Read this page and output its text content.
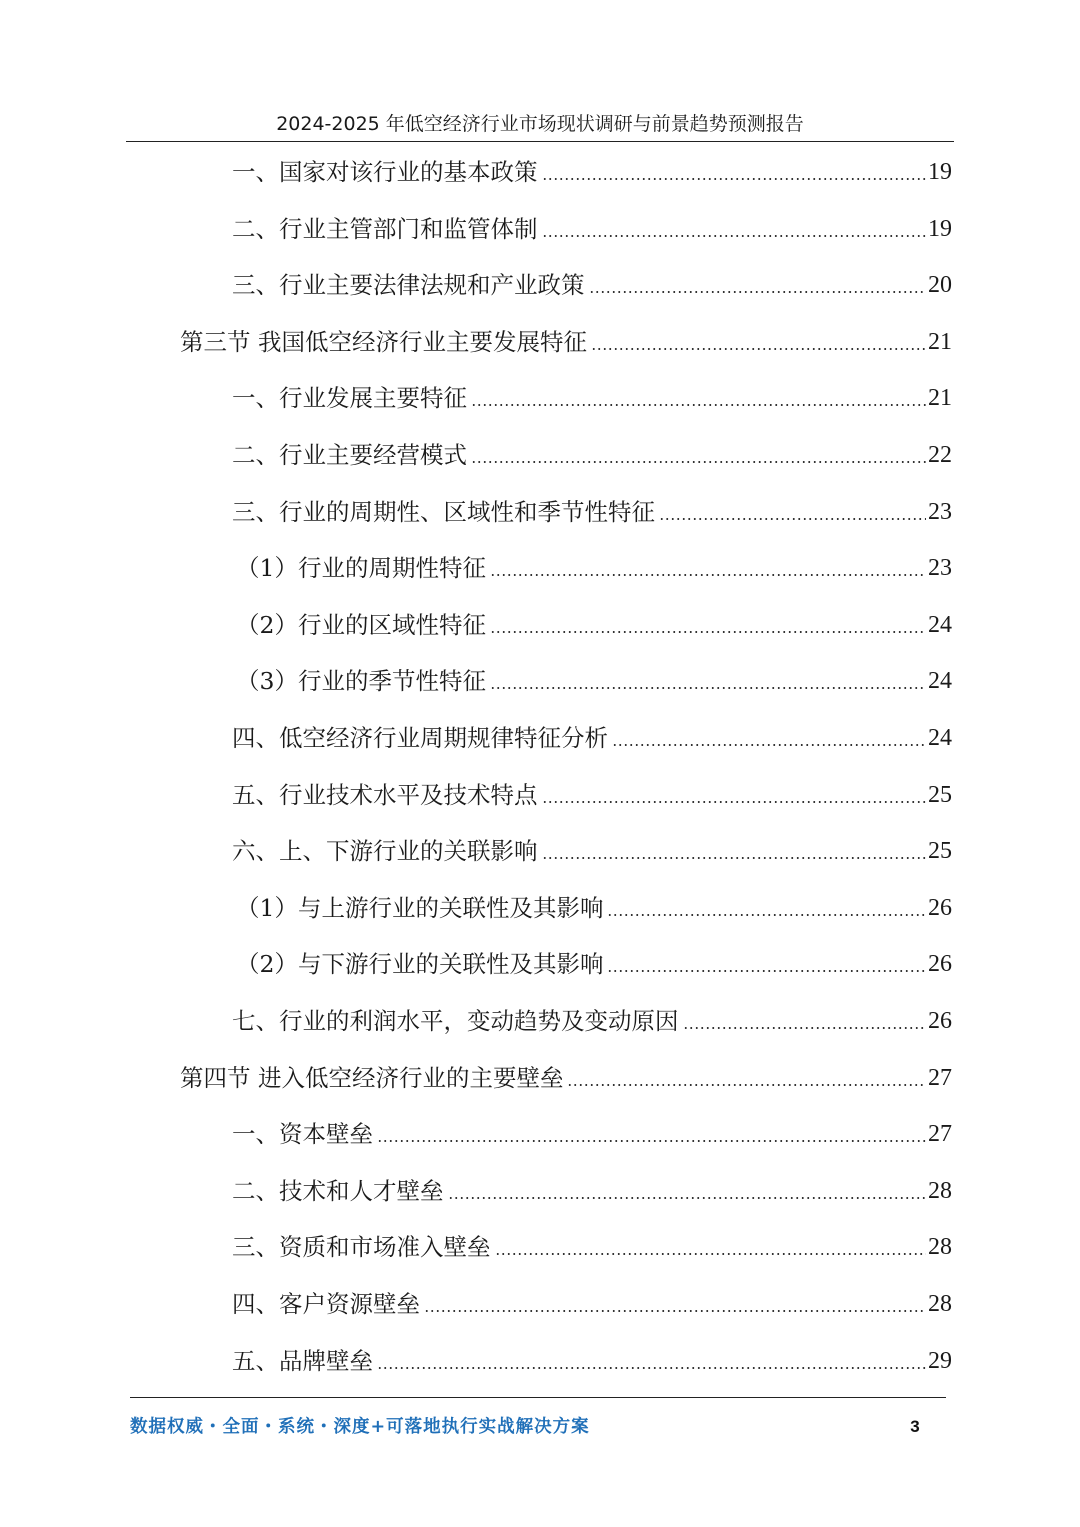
2024-2025 年低空经济行业市场现状调研与前景趋势预测报告
一、国家对该行业的基本政策	19
二、行业主管部门和监管体制	19
三、行业主要法律法规和产业政策	20
第三节 我国低空经济行业主要发展特征	21
一、行业发展主要特征	21
二、行业主要经营模式	22
三、行业的周期性、区域性和季节性特征	23
（1）行业的周期性特征	23
（2）行业的区域性特征	24
（3）行业的季节性特征	24
四、低空经济行业周期规律特征分析	24
五、行业技术水平及技术特点	25
六、上、下游行业的关联影响	25
（1）与上游行业的关联性及其影响	26
（2）与下游行业的关联性及其影响	26
七、行业的利润水平，变动趋势及变动原因	26
第四节 进入低空经济行业的主要壁垒	27
一、资本壁垒	27
二、技术和人才壁垒	28
三、资质和市场准入壁垒	28
四、客户资源壁垒	28
五、品牌壁垒	29
数据权威・全面・系统・深度+可落地执行实战解决方案	3
